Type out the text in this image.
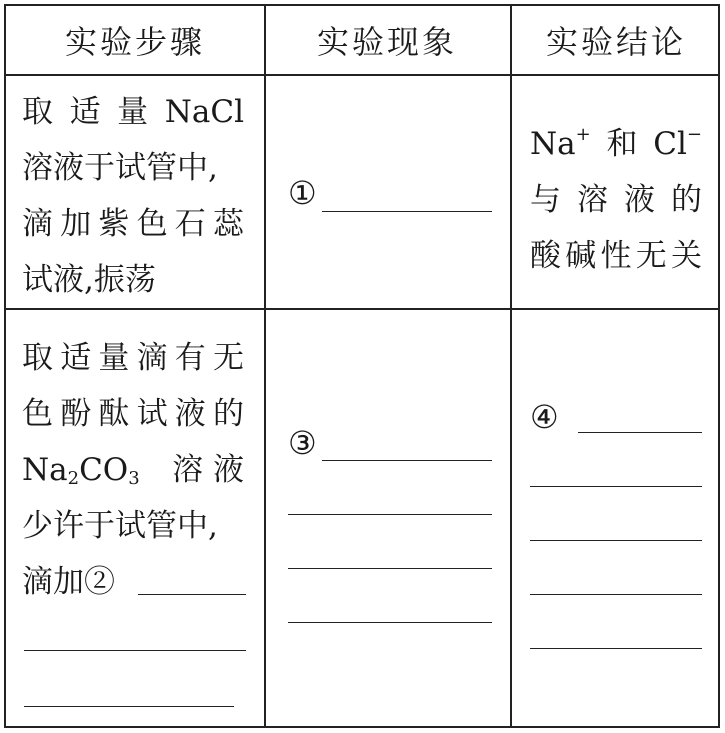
实验步骤	实验现象	实验结论
取 适 量 NaCl
溶液于试管中,
滴加紫色石蕊
试液,振荡
①
Na+ 和 Cl−
与 溶 液 的
酸碱性无关
取适量滴有无
色酚酞试液的
$Na_2CO_3$ 溶 液
少许于试管中,
滴加②
③
④
